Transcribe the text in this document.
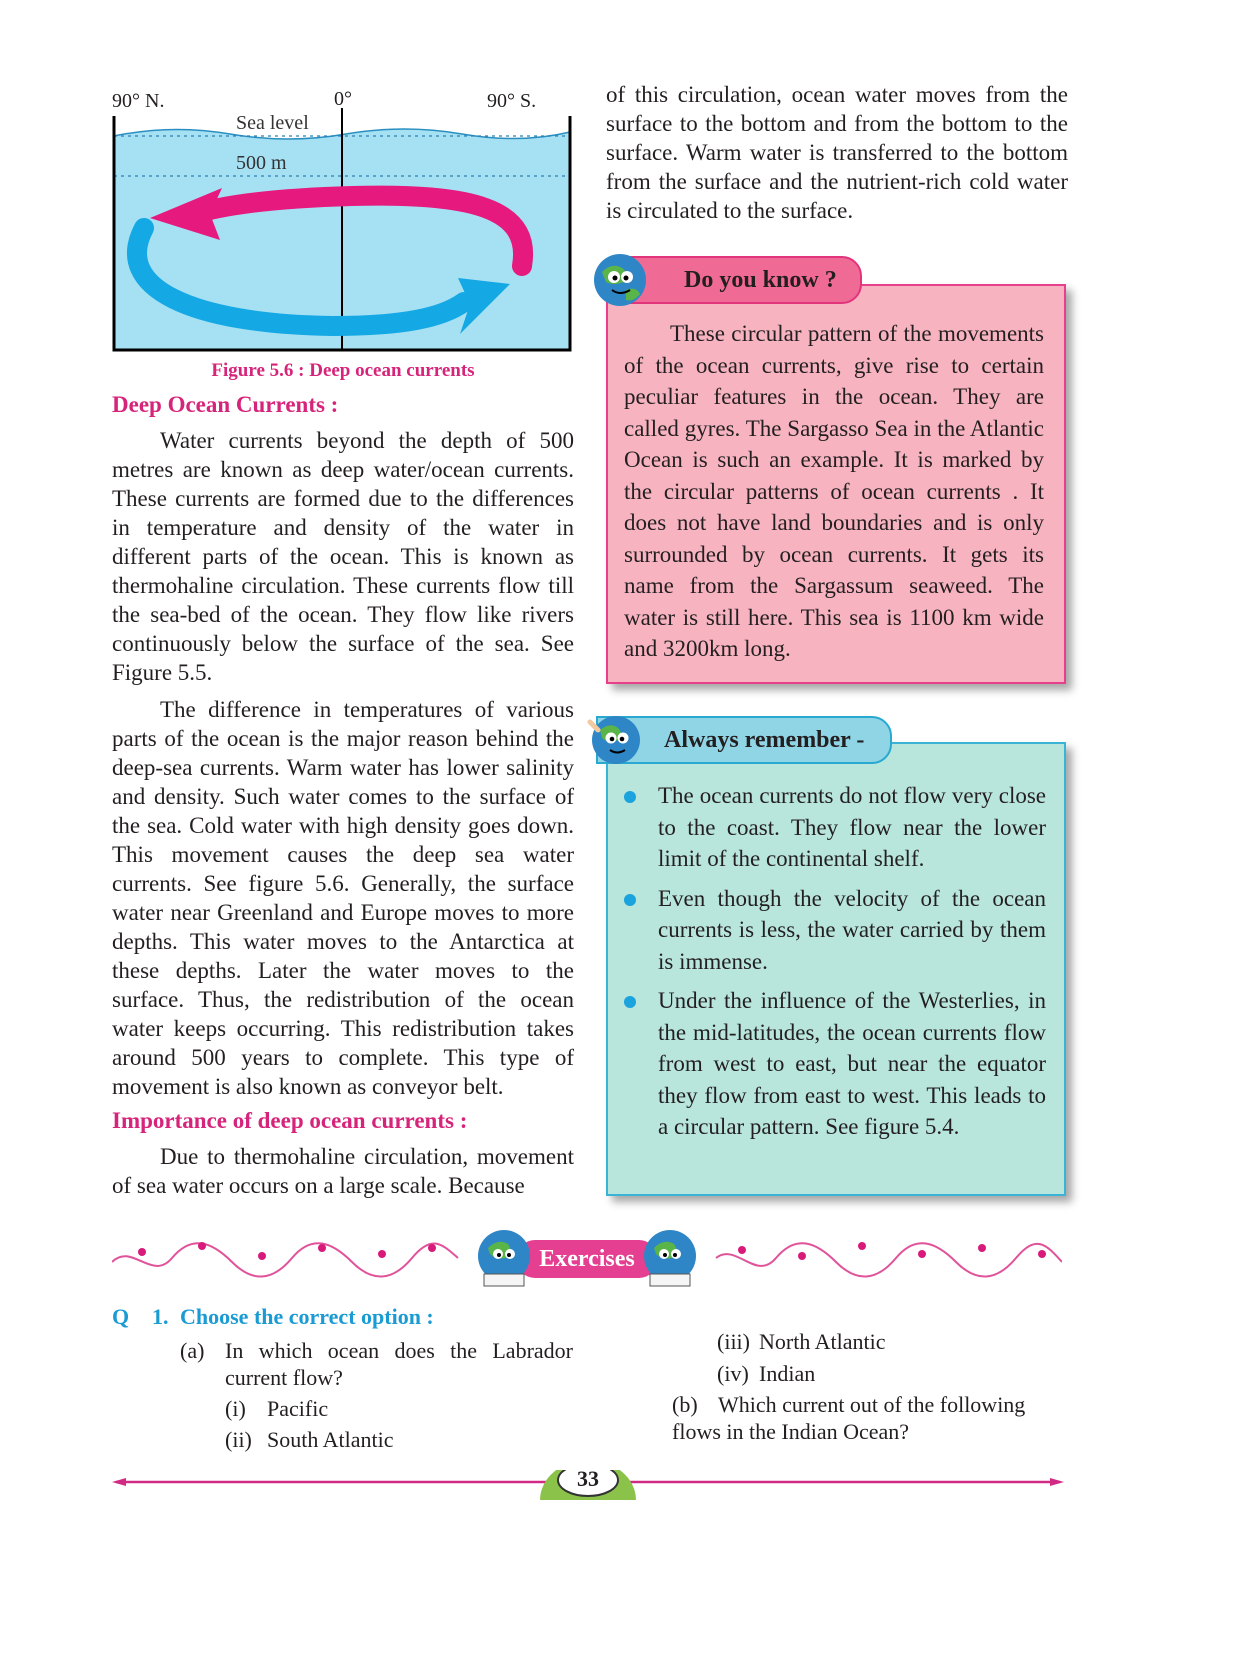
90° N.	0°	90° S.
Sea level
500 m
Figure 5.6 : Deep ocean currents
Deep Ocean Currents :

Water currents beyond the depth of 500 metres are known as deep water/ocean currents. These currents are formed due to the differences in temperature and density of the water in different parts of the ocean. This is known as thermohaline circulation. These currents flow till the sea-bed of the ocean. They flow like rivers continuously below the surface of the sea. See Figure 5.5.

The difference in temperatures of various parts of the ocean is the major reason behind the deep-sea currents. Warm water has lower salinity and density. Such water comes to the surface of the sea. Cold water with high density goes down. This movement causes the deep sea water currents. See figure 5.6. Generally, the surface water near Greenland and Europe moves to more depths. This water moves to the Antarctica at these depths. Later the water moves to the surface. Thus, the redistribution of the ocean water keeps occurring. This redistribution takes around 500 years to complete. This type of movement is also known as conveyor belt.

Importance of deep ocean currents :

Due to thermohaline circulation, movement of sea water occurs on a large scale. Because

of this circulation, ocean water moves from the surface to the bottom and from the bottom to the surface. Warm water is transferred to the bottom from the surface and the nutrient-rich cold water is circulated to the surface.
These circular pattern of the movements of the ocean currents, give rise to certain peculiar features in the ocean. They are called gyres. The Sargasso Sea in the Atlantic Ocean is such an example. It is marked by the circular patterns of ocean currents . It does not have land boundaries and is only surrounded by ocean currents. It gets its name from the Sargassum seaweed. The water is still here. This sea is 1100 km wide and 3200km long.
Do you know ?
The ocean currents do not flow very close to the coast. They flow near the lower limit of the continental shelf.
Even though the velocity of the ocean currents is less, the water carried by them is immense.
Under the influence of the Westerlies, in the mid-latitudes, the ocean currents flow from west to east, but near the equator they flow from east to west. This leads to a circular pattern. See figure 5.4.
Always remember -
Exercises
Q 1. Choose the correct option :
(a) In which ocean does the Labrador current flow?
(i) Pacific
(ii) South Atlantic
(iii) North Atlantic
(iv) Indian
(b) Which current out of the following flows in the Indian Ocean?
33
